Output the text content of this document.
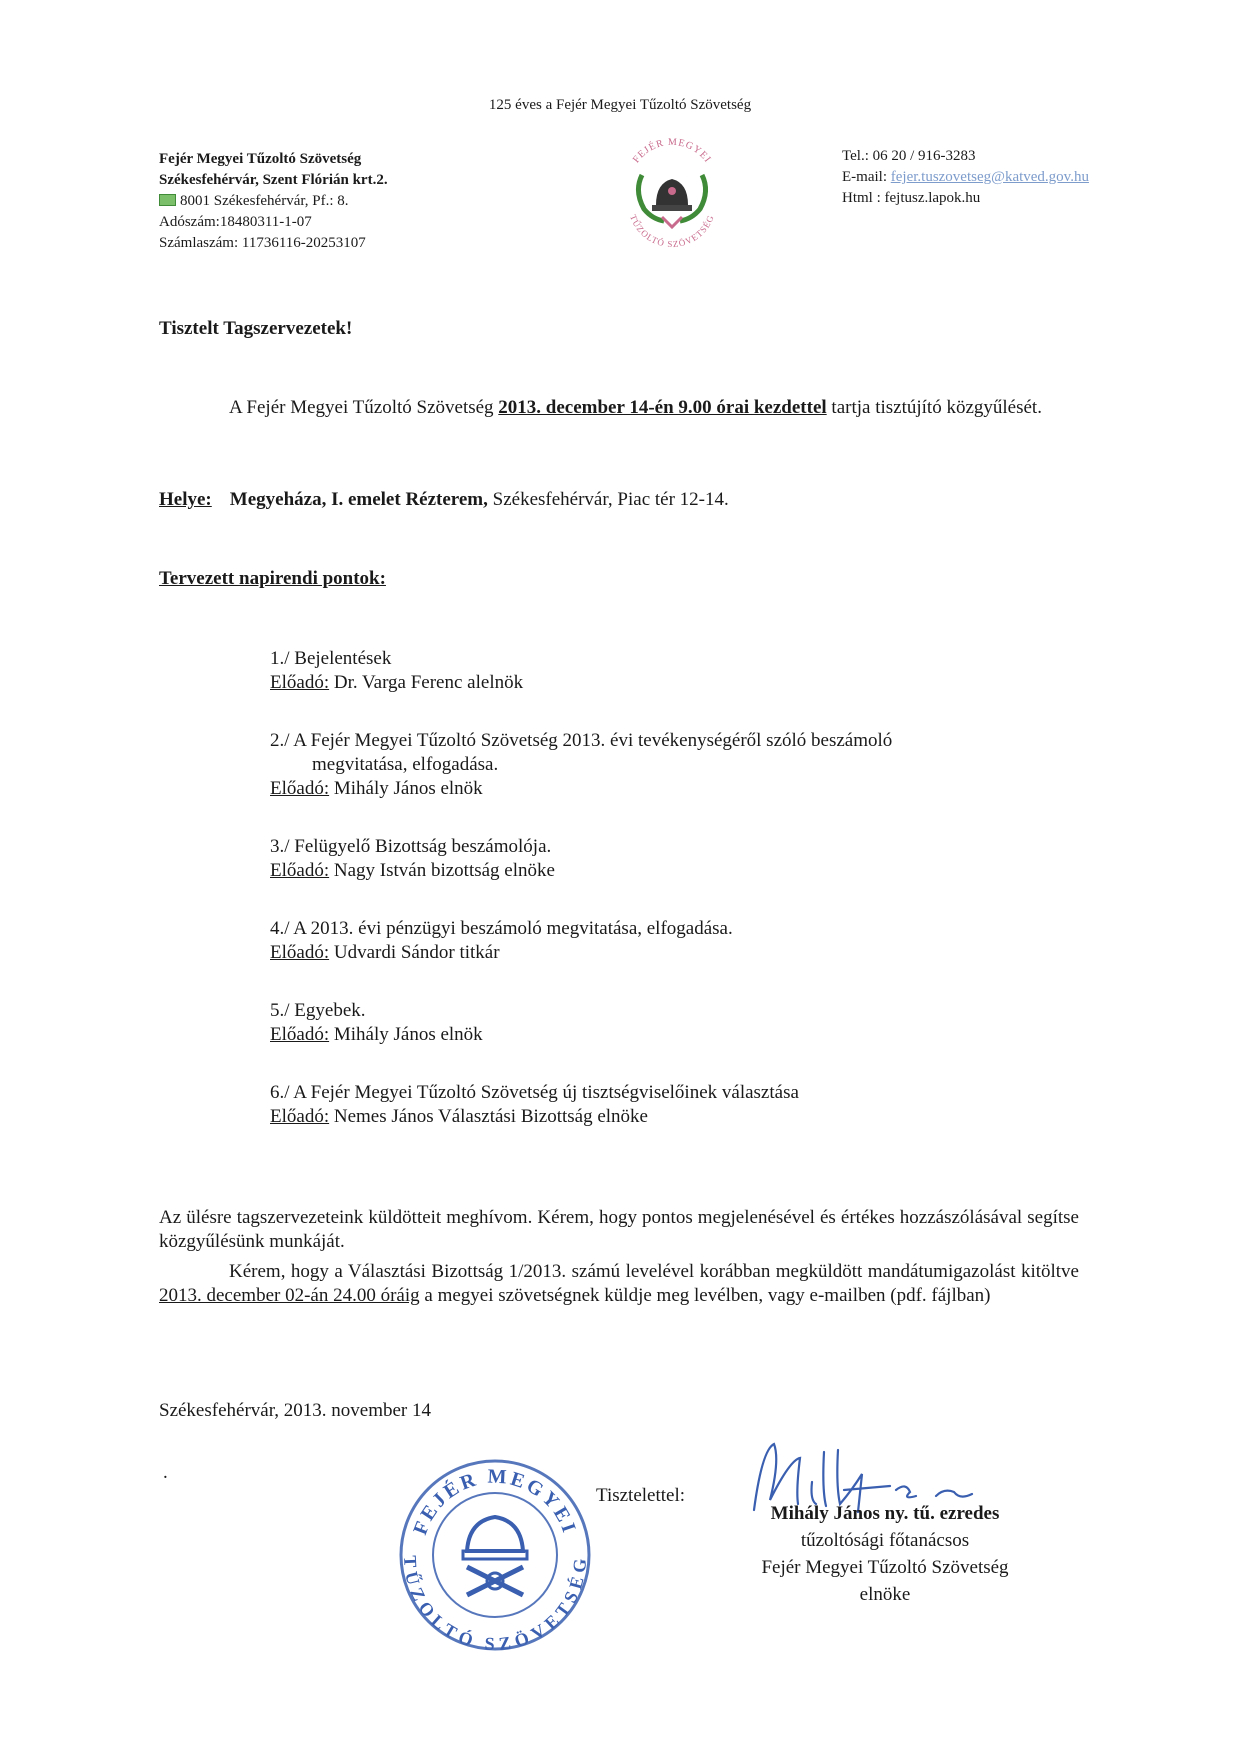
125 éves a Fejér Megyei Tűzoltó Szövetség
Fejér Megyei Tűzoltó Szövetség
Székesfehérvár, Szent Flórián krt.2.
8001 Székesfehérvár, Pf.: 8.
Adószám:18480311-1-07
Számlaszám: 11736116-20253107
FEJÉR MEGYEI
TŰZOLTÓ SZÖVETSÉG
Tel.: 06 20 / 916-3283
E-mail: fejer.tuszovetseg@katved.gov.hu
Html : fejtusz.lapok.hu
Tisztelt Tagszervezetek!
A Fejér Megyei Tűzoltó Szövetség 2013. december 14-én 9.00 órai kezdettel tartja tisztújító közgyűlését.
Helye: Megyeháza, I. emelet Rézterem, Székesfehérvár, Piac tér 12-14.
Tervezett napirendi pontok:
1./ Bejelentések
Előadó: Dr. Varga Ferenc alelnök
2./ A Fejér Megyei Tűzoltó Szövetség 2013. évi tevékenységéről szóló beszámoló
megvitatása, elfogadása.
Előadó: Mihály János elnök
3./ Felügyelő Bizottság beszámolója.
Előadó: Nagy István bizottság elnöke
4./ A 2013. évi pénzügyi beszámoló megvitatása, elfogadása.
Előadó: Udvardi Sándor titkár
5./ Egyebek.
Előadó: Mihály János elnök
6./ A Fejér Megyei Tűzoltó Szövetség új tisztségviselőinek választása
Előadó: Nemes János Választási Bizottság elnöke
Az ülésre tagszervezeteink küldötteit meghívom. Kérem, hogy pontos megjelenésével és értékes hozzászólásával segítse közgyűlésünk munkáját.
Kérem, hogy a Választási Bizottság 1/2013. számú levelével korábban megküldött mandátumigazolást kitöltve 2013. december 02-án 24.00 óráig a megyei szövetségnek küldje meg levélben, vagy e-mailben (pdf. fájlban)
Székesfehérvár, 2013. november 14
.
FEJÉR MEGYEI
TŰZOLTÓ SZÖVETSÉG
Tisztelettel:
Mihály János ny. tű. ezredes
tűzoltósági főtanácsos
Fejér Megyei Tűzoltó Szövetség
elnöke
